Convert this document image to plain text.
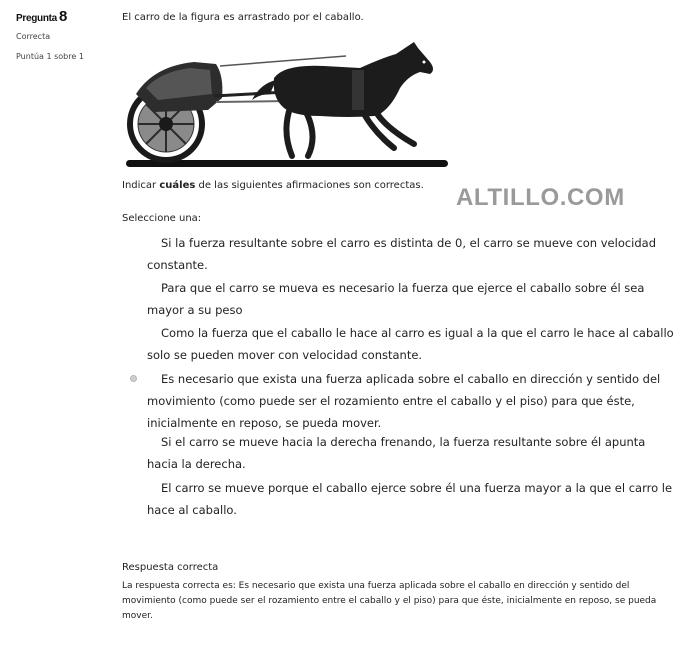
Pregunta 8
Correcta
Puntúa 1 sobre 1
El carro de la figura es arrastrado por el caballo.
Indicar cuáles de las siguientes afirmaciones son correctas. ALTILLO.COM
Seleccione una:
Si la fuerza resultante sobre el carro es distinta de 0, el carro se mueve con velocidad constante.
Para que el carro se mueva es necesario la fuerza que ejerce el caballo sobre él sea mayor a su peso
Como la fuerza que el caballo le hace al carro es igual a la que el carro le hace al caballo solo se pueden mover con velocidad constante.
Es necesario que exista una fuerza aplicada sobre el caballo en dirección y sentido del movimiento (como puede ser el rozamiento entre el caballo y el piso) para que éste, inicialmente en reposo, se pueda mover.
Si el carro se mueve hacia la derecha frenando, la fuerza resultante sobre él apunta hacia la derecha.
El carro se mueve porque el caballo ejerce sobre él una fuerza mayor a la que el carro le hace al caballo.
Respuesta correcta
La respuesta correcta es: Es necesario que exista una fuerza aplicada sobre el caballo en dirección y sentido del movimiento (como puede ser el rozamiento entre el caballo y el piso) para que éste, inicialmente en reposo, se pueda mover.
